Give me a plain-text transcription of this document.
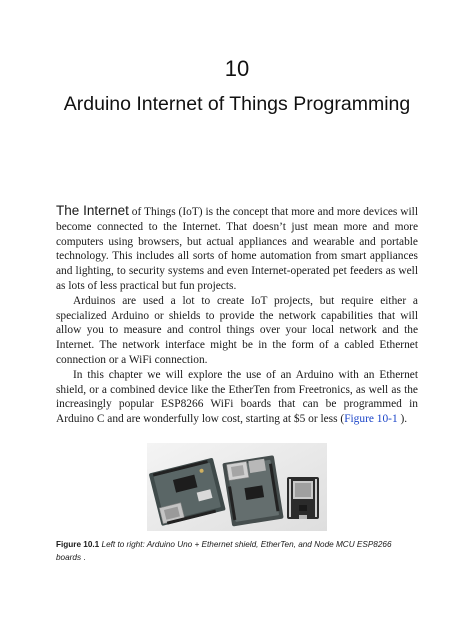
10
Arduino Internet of Things Programming

The Internet of Things (IoT) is the concept that more and more devices will become connected to the Internet. That doesn’t just mean more and more computers using browsers, but actual appliances and wearable and portable technology. This includes all sorts of home automation from smart appliances and lighting, to security systems and even Internet-operated pet feeders as well as lots of less practical but fun projects.

Arduinos are used a lot to create IoT projects, but require either a specialized Arduino or shields to provide the network capabilities that will allow you to measure and control things over your local network and the Internet. The network interface might be in the form of a cabled Ethernet connection or a WiFi connection.

In this chapter we will explore the use of an Arduino with an Ethernet shield, or a combined device like the EtherTen from Freetronics, as well as the increasingly popular ESP8266 WiFi boards that can be programmed in Arduino C and are wonderfully low cost, starting at $5 or less (Figure 10-1 ).

Figure 10.1 Left to right: Arduino Uno + Ethernet shield, EtherTen, and Node MCU ESP8266 boards .
